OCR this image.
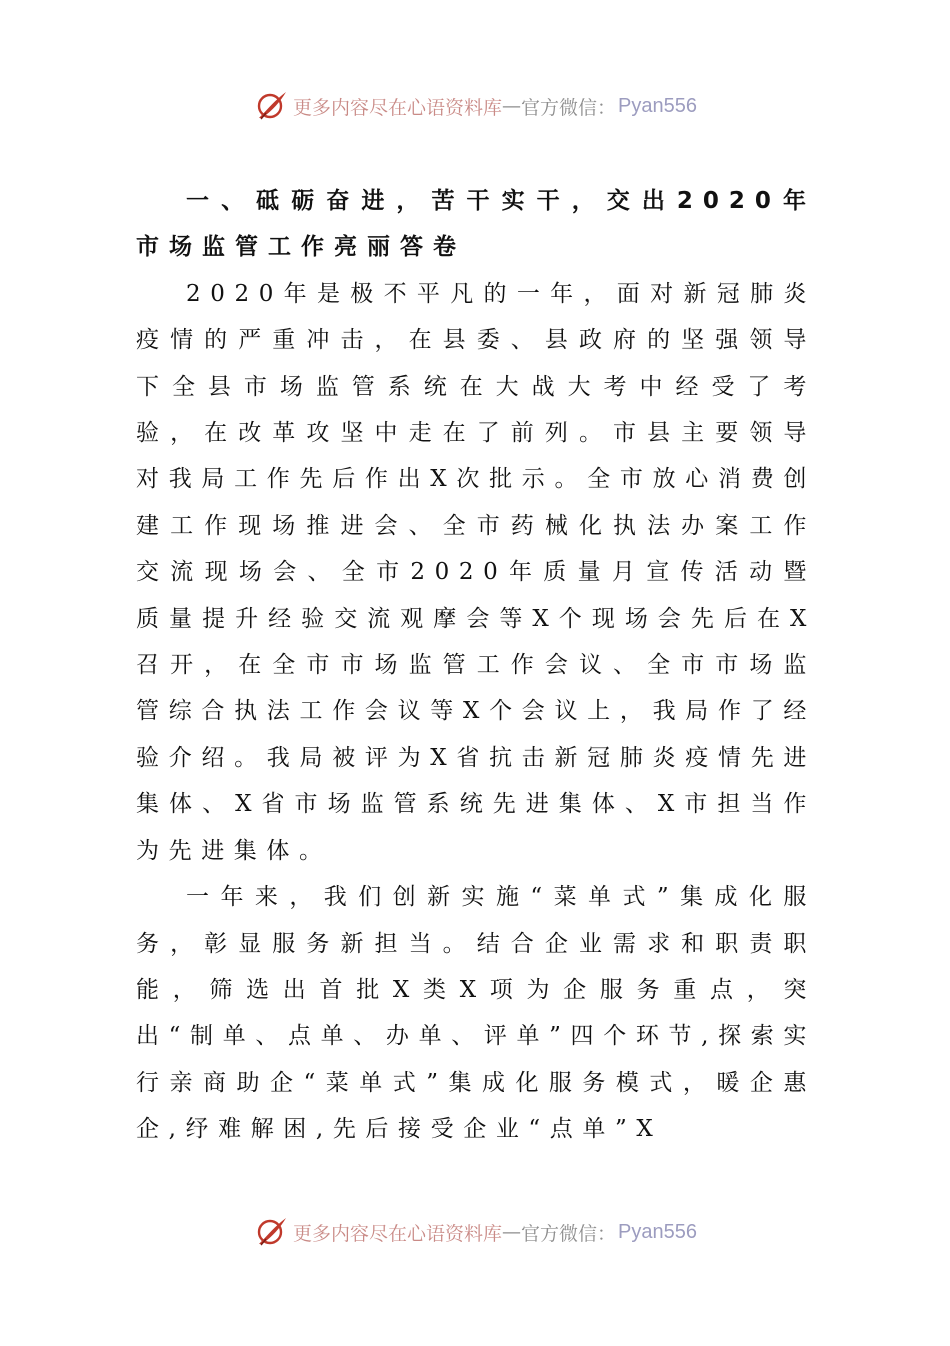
更多内容尽在心语资料库 — 官方微信： Pyan556

一、砥砺奋进，苦干实干，交出2020年市场监管工作亮丽答卷

2020年是极不平凡的一年，面对新冠肺炎疫情的严重冲击，在县委、县政府的坚强领导下全县市场监管系统在大战大考中经受了考验，在改革攻坚中走在了前列。市县主要领导对我局工作先后作出X次批示。全市放心消费创建工作现场推进会、全市药械化执法办案工作交流现场会、全市2020年质量月宣传活动暨质量提升经验交流观摩会等X个现场会先后在X召开，在全市市场监管工作会议、全市市场监管综合执法工作会议等X个会议上，我局作了经验介绍。我局被评为X省抗击新冠肺炎疫情先进集体、X省市场监管系统先进集体、X市担当作为先进集体。

一年来，我们创新实施“菜单式”集成化服务，彰显服务新担当。结合企业需求和职责职能，筛选出首批X类X项为企服务重点，突出“制单、点单、办单、评单”四个环节,探索实行亲商助企“菜单式”集成化服务模式，暖企惠企,纾难解困,先后接受企业“点单”X

更多内容尽在心语资料库 — 官方微信： Pyan556
